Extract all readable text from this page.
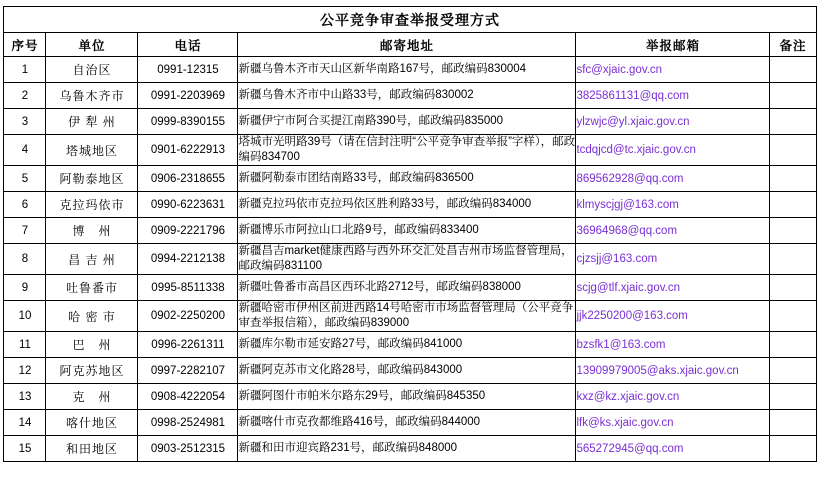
公平竞争审查举报受理方式					
序号	单位	电话	邮寄地址	举报邮箱	备注
1	自治区	0991-12315	新疆乌鲁木齐市天山区新华南路167号，邮政编码830004	sfc@xjaic.gov.cn	
2	乌鲁木齐市	0991-2203969	新疆乌鲁木齐市中山路33号，邮政编码830002	3825861131@qq.com	
3	伊 犁 州	0999-8390155	新疆伊宁市阿合买提江南路390号，邮政编码835000	ylzwjc@yl.xjaic.gov.cn	
4	塔城地区	0901-6222913	塔城市光明路39号（请在信封注明“公平竞争审查举报”字样），邮政编码834700	tcdqjcd@tc.xjaic.gov.cn	
5	阿勒泰地区	0906-2318655	新疆阿勒泰市团结南路33号，邮政编码836500	869562928@qq.com	
6	克拉玛依市	0990-6223631	新疆克拉玛依市克拉玛依区胜利路33号，邮政编码834000	klmyscjgj@163.com	
7	博　州	0909-2221796	新疆博乐市阿拉山口北路9号，邮政编码833400	36964968@qq.com	
8	昌 吉 州	0994-2212138	新疆昌吉market健康西路与西外环交汇处昌吉州市场监督管理局，邮政编码831100	cjzsjj@163.com	
9	吐鲁番市	0995-8511338	新疆吐鲁番市高昌区西环北路2712号，邮政编码838000	scjg@tlf.xjaic.gov.cn	
10	哈 密 市	0902-2250200	新疆哈密市伊州区前进西路14号哈密市市场监督管理局（公平竞争审查举报信箱），邮政编码839000	jjk2250200@163.com	
11	巴　州	0996-2261311	新疆库尔勒市延安路27号，邮政编码841000	bzsfk1@163.com	
12	阿克苏地区	0997-2282107	新疆阿克苏市文化路28号，邮政编码843000	13909979005@aks.xjaic.gov.cn	
13	克　州	0908-4222054	新疆阿图什市帕米尔路东29号，邮政编码845350	kxz@kz.xjaic.gov.cn	
14	喀什地区	0998-2524981	新疆喀什市克孜都维路416号，邮政编码844000	lfk@ks.xjaic.gov.cn	
15	和田地区	0903-2512315	新疆和田市迎宾路231号，邮政编码848000	565272945@qq.com	
